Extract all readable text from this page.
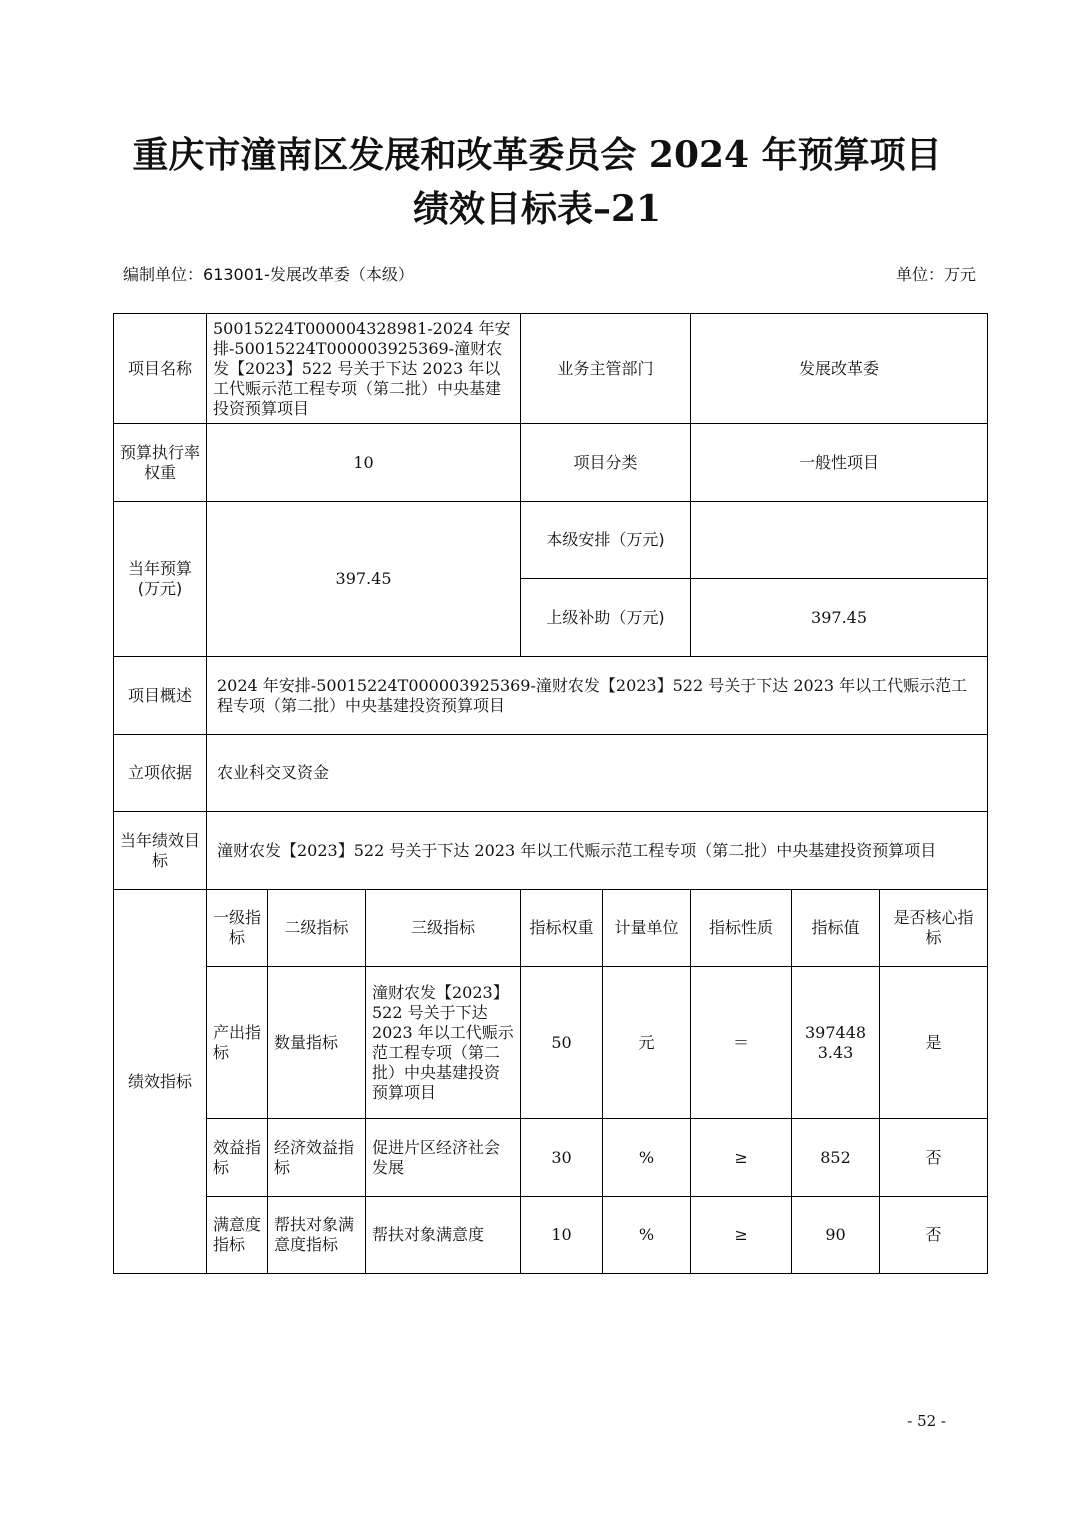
重庆市潼南区发展和改革委员会 2024 年预算项目
绩效目标表–21
编制单位：613001-发展改革委（本级）	单位：万元
项目名称	50015224T000004328981-2024 年安排-50015224T000003925369-潼财农发【2023】522 号关于下达 2023 年以工代赈示范工程专项（第二批）中央基建投资预算项目			业务主管部门		发展改革委		
预算执行率权重	10			项目分类		一般性项目		
当年预算(万元)	397.45			本级安排（万元)				
				上级补助（万元)		397.45		
项目概述	2024 年安排-50015224T000003925369-潼财农发【2023】522 号关于下达 2023 年以工代赈示范工程专项（第二批）中央基建投资预算项目							
立项依据	农业科交叉资金							
当年绩效目标	潼财农发【2023】522 号关于下达 2023 年以工代赈示范工程专项（第二批）中央基建投资预算项目							
绩效指标	一级指标	二级指标	三级指标	指标权重	计量单位	指标性质	指标值	是否核心指标
	产出指标	数量指标	潼财农发【2023】522 号关于下达 2023 年以工代赈示范工程专项（第二批）中央基建投资预算项目	50	元	＝	3974483.43	是
	效益指标	经济效益指标	促进片区经济社会发展	30	%	≥	852	否
	满意度指标	帮扶对象满意度指标	帮扶对象满意度	10	%	≥	90	否
- 52 -
